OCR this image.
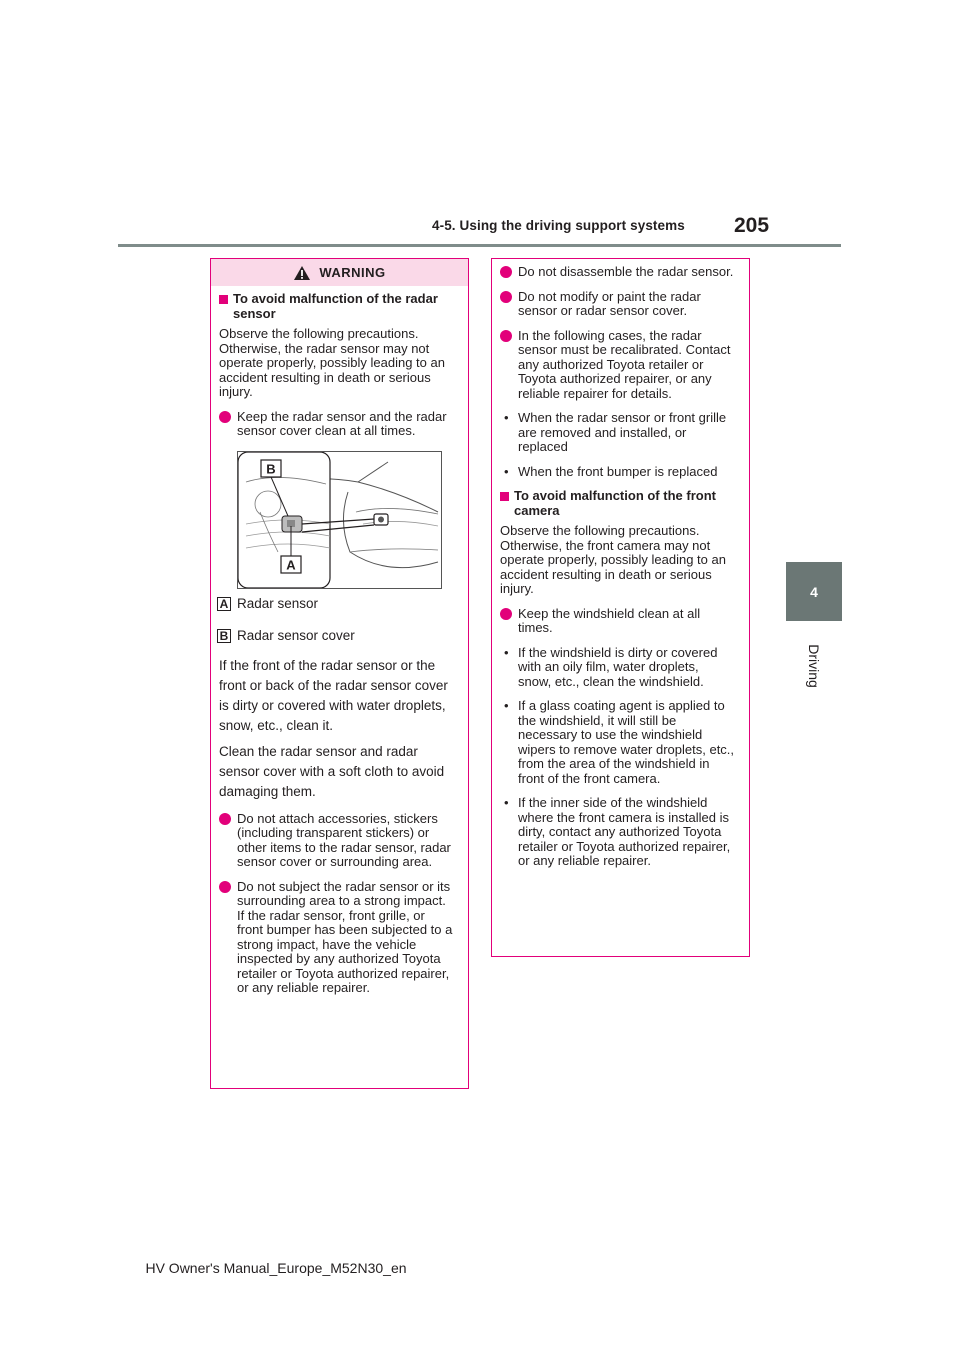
4-5. Using the driving support systems 205
4
Driving
WARNING
To avoid malfunction of the radar sensor

Observe the following precautions. Otherwise, the radar sensor may not operate properly, possibly leading to an accident resulting in death or serious injury.

Keep the radar sensor and the radar sensor cover clean at all times.
B
A
A Radar sensor
B Radar sensor cover

If the front of the radar sensor or the front or back of the radar sensor cover is dirty or covered with water droplets, snow, etc., clean it.

Clean the radar sensor and radar sensor cover with a soft cloth to avoid damaging them.

Do not attach accessories, stickers (including transparent stickers) or other items to the radar sensor, radar sensor cover or surrounding area.
Do not subject the radar sensor or its surrounding area to a strong impact.
If the radar sensor, front grille, or front bumper has been subjected to a strong impact, have the vehicle inspected by any authorized Toyota retailer or Toyota authorized repairer, or any reliable repairer.
Do not disassemble the radar sensor.
Do not modify or paint the radar sensor or radar sensor cover.
In the following cases, the radar sensor must be recalibrated. Contact any authorized Toyota retailer or Toyota authorized repairer, or any reliable repairer for details.
• When the radar sensor or front grille are removed and installed, or replaced
• When the front bumper is replaced
To avoid malfunction of the front camera

Observe the following precautions. Otherwise, the front camera may not operate properly, possibly leading to an accident resulting in death or serious injury.

Keep the windshield clean at all times.
• If the windshield is dirty or covered with an oily film, water droplets, snow, etc., clean the windshield.
• If a glass coating agent is applied to the windshield, it will still be necessary to use the windshield wipers to remove water droplets, etc., from the area of the windshield in front of the front camera.
• If the inner side of the windshield where the front camera is installed is dirty, contact any authorized Toyota retailer or Toyota authorized repairer, or any reliable repairer.
HV Owner's Manual_Europe_M52N30_en
